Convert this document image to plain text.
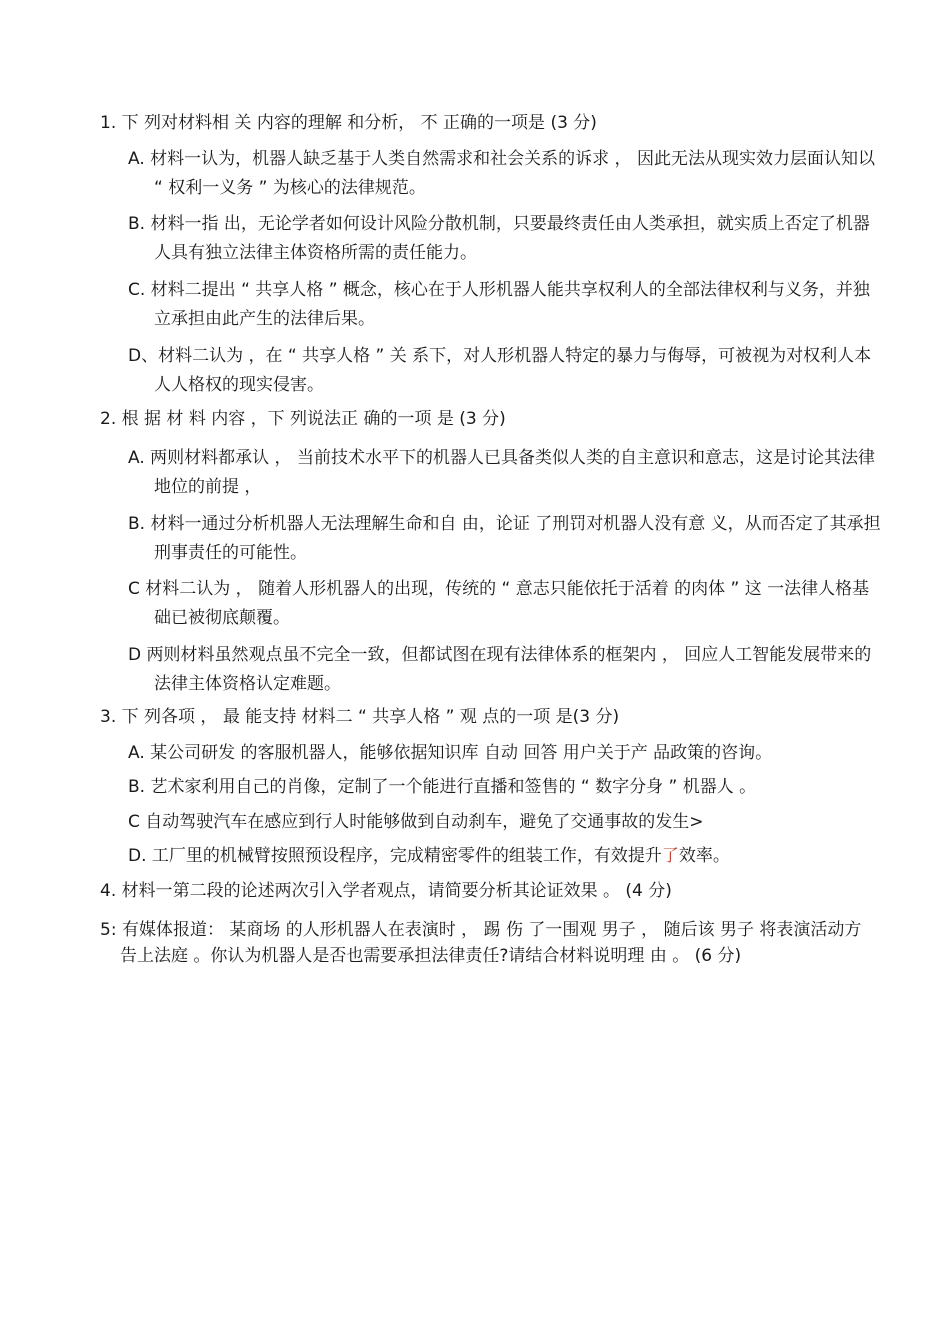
1. 下 列对材料相 关 内容的理解 和分析， 不 正确的一项是 (3 分)
A. 材料一认为，机器人缺乏基于人类自然需求和社会关系的诉求 ， 因此无法从现实效力层面认知以 “ 权利一义务 ” 为核心的法律规范。
B. 材料一指 出，无论学者如何设计风险分散机制，只要最终责任由人类承担，就实质上否定了机器人具有独立法律主体资格所需的责任能力。
C. 材料二提出 “ 共享人格 ” 概念，核心在于人形机器人能共享权利人的全部法律权利与义务，并独立承担由此产生的法律后果。
D、材料二认为 ，在 “ 共享人格 ” 关 系下，对人形机器人特定的暴力与侮辱，可被视为对权利人本人人格权的现实侵害。
2. 根 据 材 料 内容 ，下 列说法正 确的一项 是 (3 分)
A. 两则材料都承认 ， 当前技术水平下的机器人已具备类似人类的自主意识和意志，这是讨论其法律地位的前提 ，
B. 材料一通过分析机器人无法理解生命和自 由，论证 了刑罚对机器人没有意 义，从而否定了其承担刑事责任的可能性。
C 材料二认为 ， 随着人形机器人的出现，传统的 “ 意志只能依托于活着 的肉体 ” 这 一法律人格基础已被彻底颠覆。
D 两则材料虽然观点虽不完全一致，但都试图在现有法律体系的框架内 ， 回应人工智能发展带来的法律主体资格认定难题。
3. 下 列各项 ， 最 能支持 材料二 “ 共享人格 ” 观 点的一项 是(3 分)
A. 某公司研发 的客服机器人，能够依据知识库 自动 回答 用户关于产 品政策的咨询。
B. 艺术家利用自己的肖像，定制了一个能进行直播和签售的 “ 数字分身 ” 机器人 。
C 自动驾驶汽车在感应到行人时能够做到自动刹车，避免了交通事故的发生>
D. 工厂里的机械臂按照预设程序，完成精密零件的组装工作，有效提升了效率。
4. 材料一第二段的论述两次引入学者观点，请简要分析其论证效果 。 (4 分)
5: 有媒体报道： 某商场 的人形机器人在表演时 ， 踢 伤 了一围观 男子 ， 随后该 男子 将表演活动方告上法庭 。你认为机器人是否也需要承担法律责任?请结合材料说明理 由 。 (6 分)
